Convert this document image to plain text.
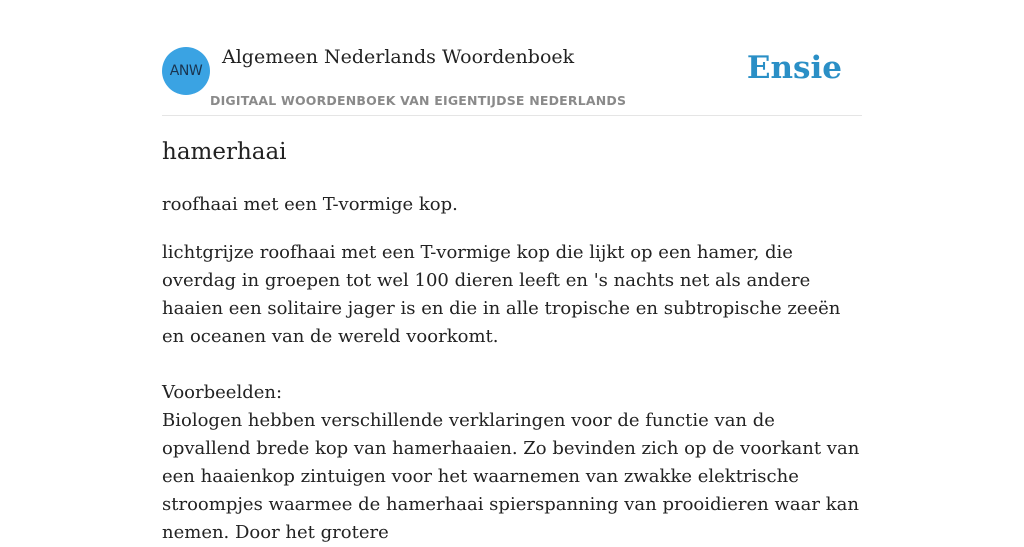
ANW
Algemeen Nederlands Woordenboek
DIGITAAL WOORDENBOEK VAN EIGENTIJDSE NEDERLANDS
Ensie
hamerhaai
roofhaai met een T-vormige kop.
lichtgrijze roofhaai met een T-vormige kop die lijkt op een hamer, die overdag in groepen tot wel 100 dieren leeft en 's nachts net als andere haaien een solitaire jager is en die in alle tropische en subtropische zeeën en oceanen van de wereld voorkomt.
Voorbeelden:
Biologen hebben verschillende verklaringen voor de functie van de opvallend brede kop van hamerhaaien. Zo bevinden zich op de voorkant van een haaienkop zintuigen voor het waarnemen van zwakke elektrische stroompjes waarmee de hamerhaai spierspanning van prooidieren waar kan nemen. Door het grotere
